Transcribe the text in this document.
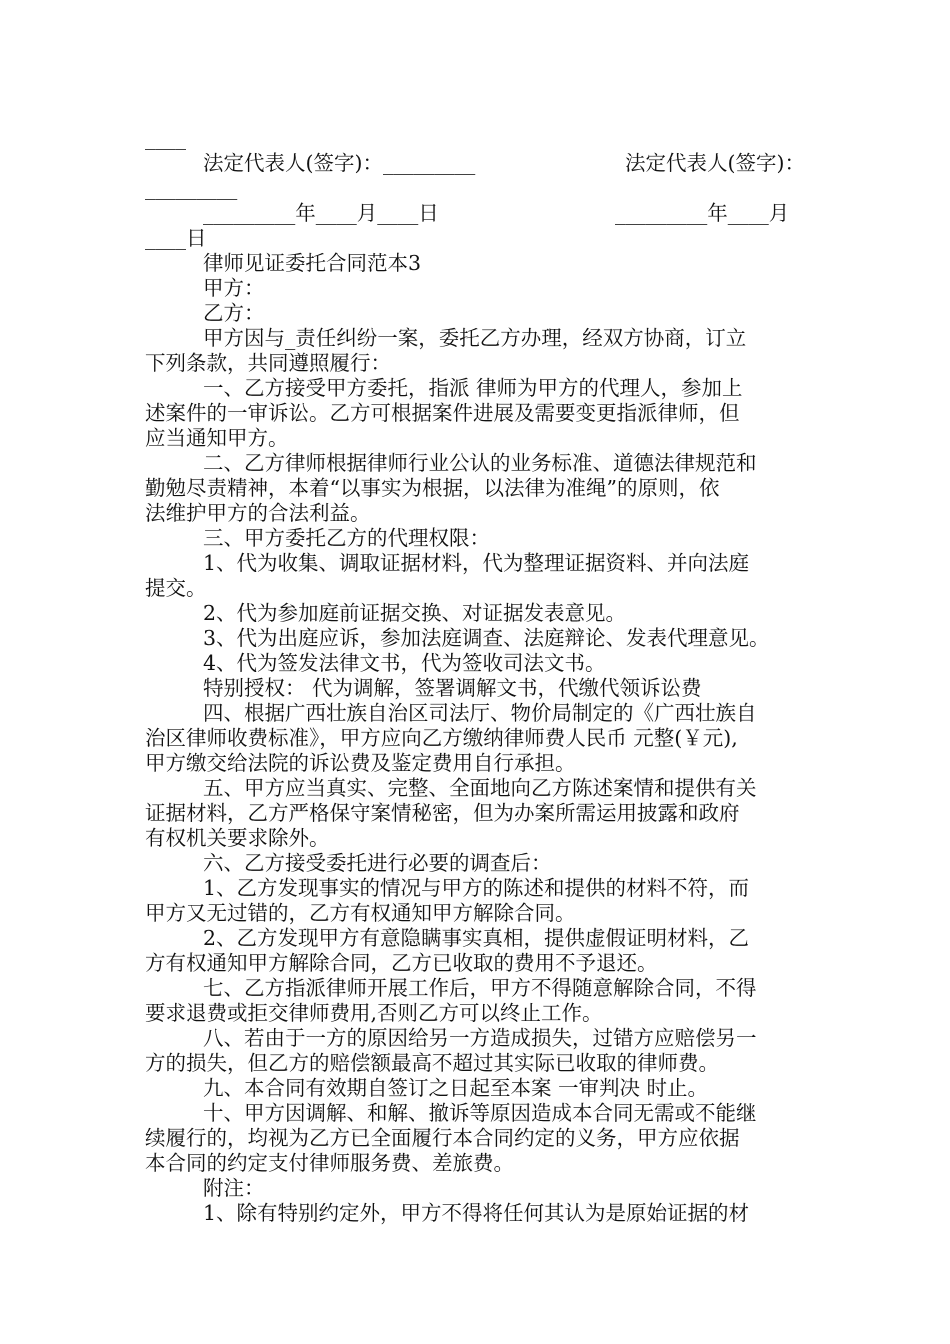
____
法定代表人(签字)：_________	法定代表人(签字)：
_________
_________年____月____日	_________年____月
____日
律师见证委托合同范本3
甲方：
乙方：
甲方因与_责任纠纷一案，委托乙方办理，经双方协商，订立
下列条款，共同遵照履行：
一、乙方接受甲方委托，指派 律师为甲方的代理人，参加上
述案件的一审诉讼。乙方可根据案件进展及需要变更指派律师，但
应当通知甲方。
二、乙方律师根据律师行业公认的业务标准、道德法律规范和
勤勉尽责精神，本着“以事实为根据，以法律为准绳”的原则，依
法维护甲方的合法利益。
三、甲方委托乙方的代理权限：
1、代为收集、调取证据材料，代为整理证据资料、并向法庭
提交。
2、代为参加庭前证据交换、对证据发表意见。
3、代为出庭应诉，参加法庭调查、法庭辩论、发表代理意见。
4、代为签发法律文书，代为签收司法文书。
特别授权： 代为调解，签署调解文书，代缴代领诉讼费
四、根据广西壮族自治区司法厅、物价局制定的《广西壮族自
治区律师收费标准》，甲方应向乙方缴纳律师费人民币 元整(￥元),
甲方缴交给法院的诉讼费及鉴定费用自行承担。
五、甲方应当真实、完整、全面地向乙方陈述案情和提供有关
证据材料，乙方严格保守案情秘密，但为办案所需运用披露和政府
有权机关要求除外。
六、乙方接受委托进行必要的调查后：
1、乙方发现事实的情况与甲方的陈述和提供的材料不符，而
甲方又无过错的，乙方有权通知甲方解除合同。
2、乙方发现甲方有意隐瞒事实真相，提供虚假证明材料，乙
方有权通知甲方解除合同，乙方已收取的费用不予退还。
七、乙方指派律师开展工作后，甲方不得随意解除合同，不得
要求退费或拒交律师费用,否则乙方可以终止工作。
八、若由于一方的原因给另一方造成损失，过错方应赔偿另一
方的损失，但乙方的赔偿额最高不超过其实际已收取的律师费。
九、本合同有效期自签订之日起至本案 一审判决 时止。
十、甲方因调解、和解、撤诉等原因造成本合同无需或不能继
续履行的，均视为乙方已全面履行本合同约定的义务，甲方应依据
本合同的约定支付律师服务费、差旅费。
附注：
1、除有特别约定外，甲方不得将任何其认为是原始证据的材
